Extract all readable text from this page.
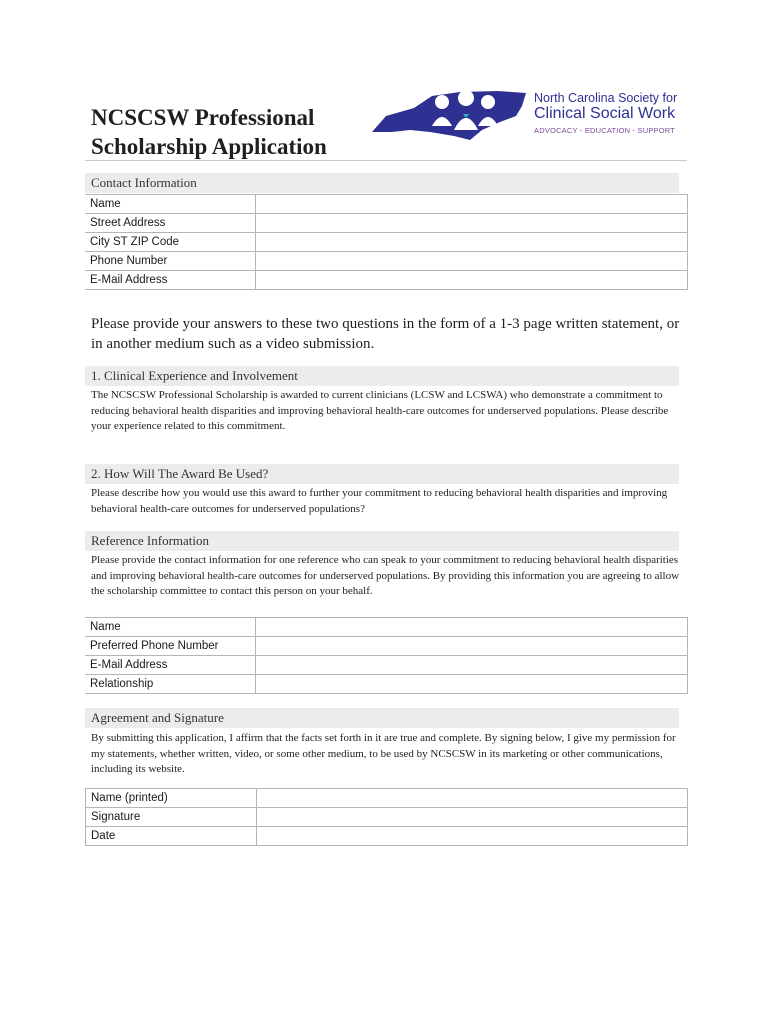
NCSCSW Professional
Scholarship Application
North Carolina Society for
Clinical Social Work
ADVOCACY - EDUCATION - SUPPORT
Contact Information
Name	
Street Address	
City ST ZIP Code	
Phone Number	
E-Mail Address	
Please provide your answers to these two questions in the form of a 1-3 page written statement, or in another medium such as a video submission.
1. Clinical Experience and Involvement
The NCSCSW Professional Scholarship is awarded to current clinicians (LCSW and LCSWA) who demonstrate a commitment to reducing behavioral health disparities and improving behavioral health-care outcomes for underserved populations. Please describe your experience related to this commitment.
2. How Will The Award Be Used?
Please describe how you would use this award to further your commitment to reducing behavioral health disparities and improving behavioral health-care outcomes for underserved populations?
Reference Information
Please provide the contact information for one reference who can speak to your commitment to reducing behavioral health disparities and improving behavioral health-care outcomes for underserved populations. By providing this information you are agreeing to allow the scholarship committee to contact this person on your behalf.
Name	
Preferred Phone Number	
E-Mail Address	
Relationship	
Agreement and Signature
By submitting this application, I affirm that the facts set forth in it are true and complete. By signing below, I give my permission for my statements, whether written, video, or some other medium, to be used by NCSCSW in its marketing or other communications, including its website.
Name (printed)	
Signature	
Date	
